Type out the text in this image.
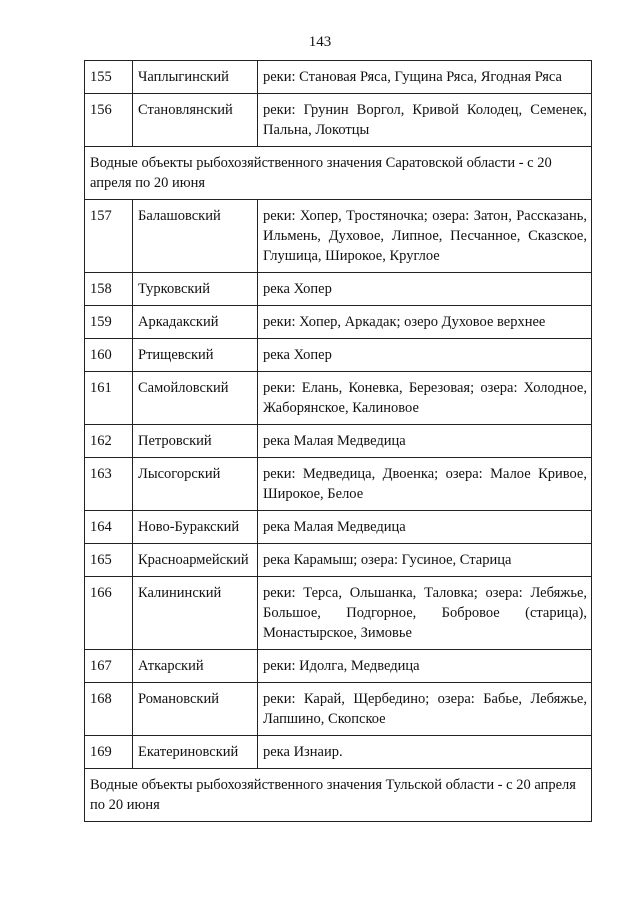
143
155	Чаплыгинский	реки: Становая Ряса, Гущина Ряса, Ягодная Ряса
156	Становлянский	реки: Грунин Воргол, Кривой Колодец, Семенек, Пальна, Локотцы
Водные объекты рыбохозяйственного значения Саратовской области - с 20 апреля по 20 июня		
157	Балашовский	реки: Хопер, Тростяночка; озера: Затон, Рассказань, Ильмень, Духовое, Липное, Песчанное, Сказское, Глушица, Широкое, Круглое
158	Турковский	река Хопер
159	Аркадакский	реки: Хопер, Аркадак; озеро Духовое верхнее
160	Ртищевский	река Хопер
161	Самойловский	реки: Елань, Коневка, Березовая; озера: Холодное, Жаборянское, Калиновое
162	Петровский	река Малая Медведица
163	Лысогорский	реки: Медведица, Двоенка; озера: Малое Кривое, Широкое, Белое
164	Ново-Буракский	река Малая Медведица
165	Красноармейский	река Карамыш; озера: Гусиное, Старица
166	Калининский	реки: Терса, Ольшанка, Таловка; озера: Лебяжье, Большое, Подгорное, Бобровое (старица), Монастырское, Зимовье
167	Аткарский	реки: Идолга, Медведица
168	Романовский	реки: Карай, Щербедино; озера: Бабье, Лебяжье, Лапшино, Скопское
169	Екатериновский	река Изнаир.
Водные объекты рыбохозяйственного значения Тульской области - с 20 апреля по 20 июня		
